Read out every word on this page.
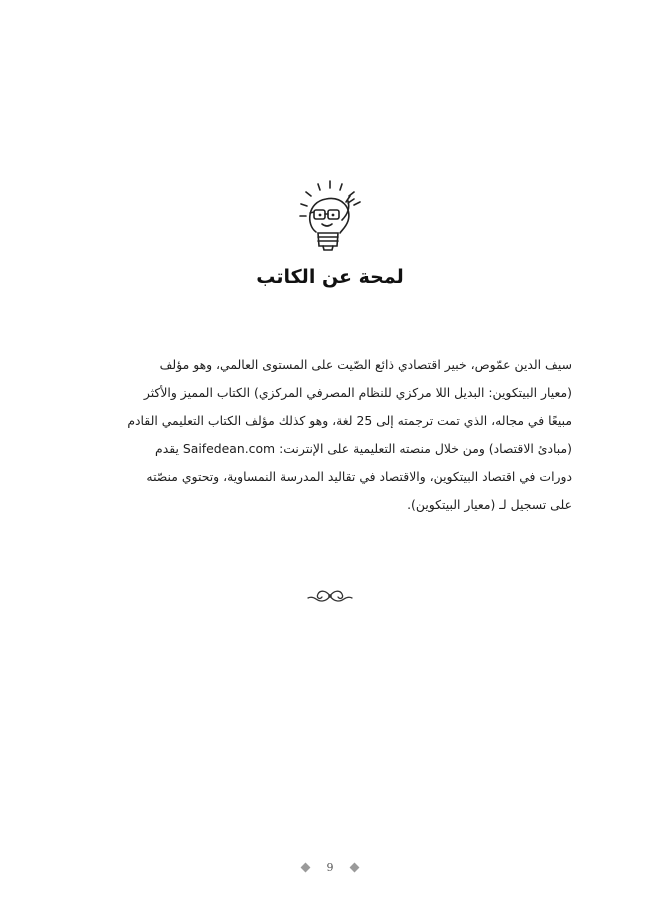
لمحة عن الكاتب

سيف الدين عمّوص، خبير اقتصادي ذائع الصّيت على المستوى العالمي، وهو مؤلف

(معيار البيتكوين: البديل اللا مركزي للنظام المصرفي المركزي) الكتاب المميز والأكثر

مبيعًا في مجاله، الذي تمت ترجمته إلى 25 لغة، وهو كذلك مؤلف الكتاب التعليمي القادم

(مبادئ الاقتصاد) ومن خلال منصته التعليمية على الإنترنت: Saifedean.com يقدم

دورات في اقتصاد البيتكوين، والاقتصاد في تقاليد المدرسة النمساوية، وتحتوي منصّته

على تسجيل لـ (معيار البيتكوين).

9
